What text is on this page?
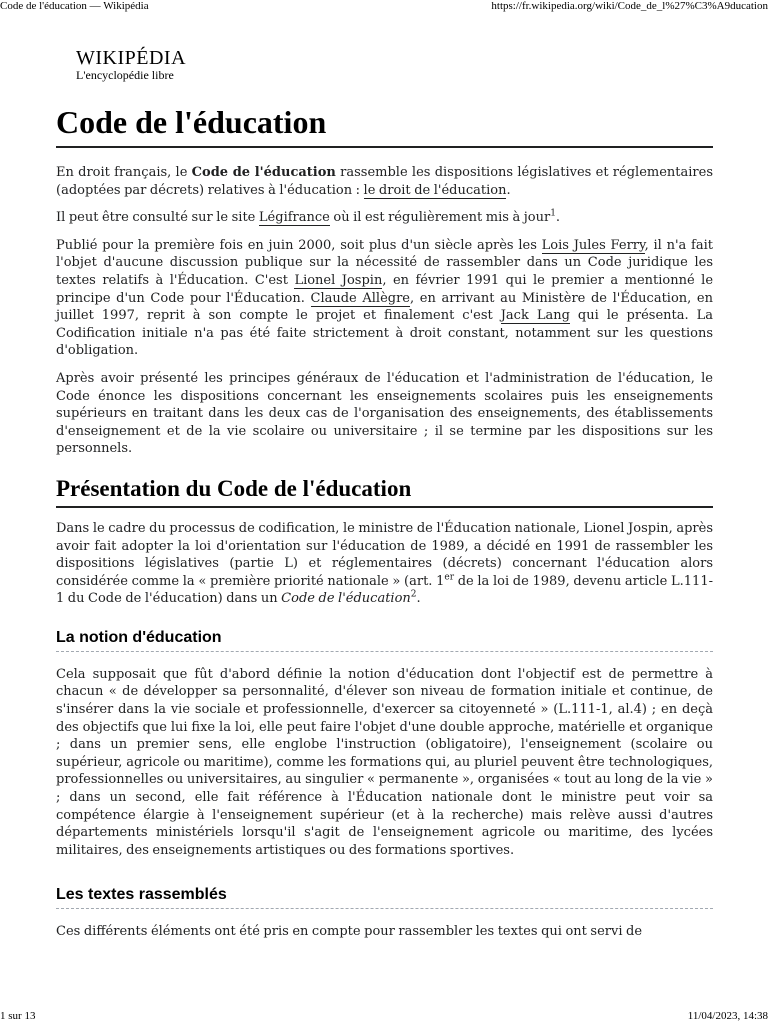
Code de l'éducation — Wikipédia	https://fr.wikipedia.org/wiki/Code_de_l%27%C3%A9ducation
WIKIPÉDIA
L'encyclopédie libre
Code de l'éducation

En droit français, le Code de l'éducation rassemble les dispositions législatives et réglementaires (adoptées par décrets) relatives à l'éducation : le droit de l'éducation.

Il peut être consulté sur le site Légifrance où il est régulièrement mis à jour$^1$.

Publié pour la première fois en juin 2000, soit plus d'un siècle après les Lois Jules Ferry, il n'a fait l'objet d'aucune discussion publique sur la nécessité de rassembler dans un Code juridique les textes relatifs à l'Éducation. C'est Lionel Jospin, en février 1991 qui le premier a mentionné le principe d'un Code pour l'Éducation. Claude Allègre, en arrivant au Ministère de l'Éducation, en juillet 1997, reprit à son compte le projet et finalement c'est Jack Lang qui le présenta. La Codification initiale n'a pas été faite strictement à droit constant, notamment sur les questions d'obligation.

Après avoir présenté les principes généraux de l'éducation et l'administration de l'éducation, le Code énonce les dispositions concernant les enseignements scolaires puis les enseignements supérieurs en traitant dans les deux cas de l'organisation des enseignements, des établissements d'enseignement et de la vie scolaire ou universitaire ; il se termine par les dispositions sur les personnels.

Présentation du Code de l'éducation

Dans le cadre du processus de codification, le ministre de l'Éducation nationale, Lionel Jospin, après avoir fait adopter la loi d'orientation sur l'éducation de 1989, a décidé en 1991 de rassembler les dispositions législatives (partie L) et réglementaires (décrets) concernant l'éducation alors considérée comme la « première priorité nationale » (art. 1er de la loi de 1989, devenu article L.111-1 du Code de l'éducation) dans un Code de l'éducation$^2$.

La notion d'éducation

Cela supposait que fût d'abord définie la notion d'éducation dont l'objectif est de permettre à chacun « de développer sa personnalité, d'élever son niveau de formation initiale et continue, de s'insérer dans la vie sociale et professionnelle, d'exercer sa citoyenneté » (L.111-1, al.4) ; en deçà des objectifs que lui fixe la loi, elle peut faire l'objet d'une double approche, matérielle et organique ; dans un premier sens, elle englobe l'instruction (obligatoire), l'enseignement (scolaire ou supérieur, agricole ou maritime), comme les formations qui, au pluriel peuvent être technologiques, professionnelles ou universitaires, au singulier « permanente », organisées « tout au long de la vie » ; dans un second, elle fait référence à l'Éducation nationale dont le ministre peut voir sa compétence élargie à l'enseignement supérieur (et à la recherche) mais relève aussi d'autres départements ministériels lorsqu'il s'agit de l'enseignement agricole ou maritime, des lycées militaires, des enseignements artistiques ou des formations sportives.

Les textes rassemblés

Ces différents éléments ont été pris en compte pour rassembler les textes qui ont servi de

1 sur 13	11/04/2023, 14:38
